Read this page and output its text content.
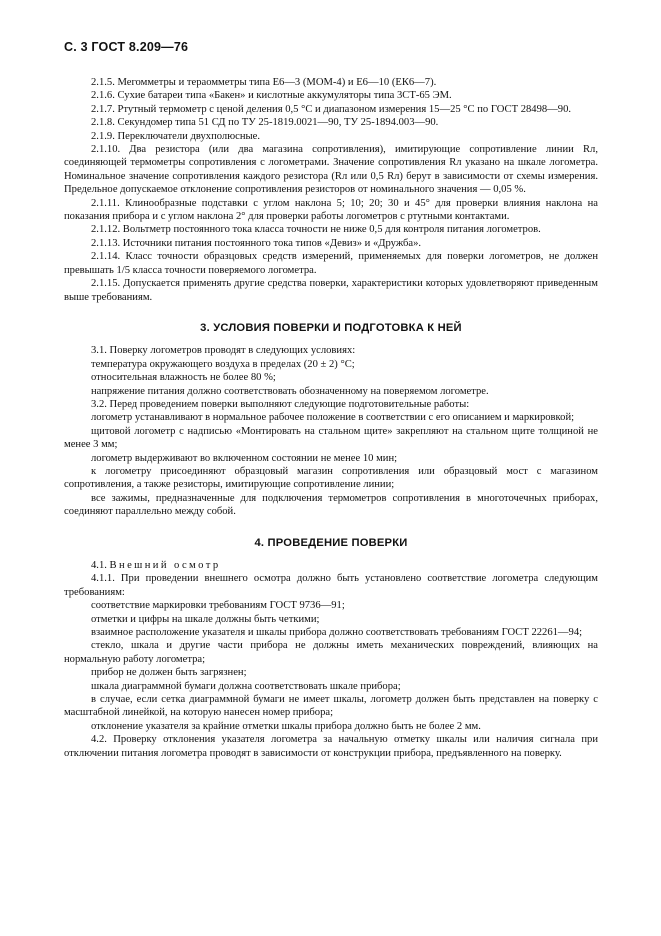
С. 3 ГОСТ 8.209—76

2.1.5. Мегомметры и тераомметры типа Е6—3 (МОМ-4) и Е6—10 (ЕК6—7).

2.1.6. Сухие батареи типа «Бакен» и кислотные аккумуляторы типа 3СТ-65 ЭМ.

2.1.7. Ртутный термометр с ценой деления 0,5 °С и диапазоном измерения 15—25 °С по ГОСТ 28498—90.

2.1.8. Секундомер типа 51 СД по ТУ 25-1819.0021—90, ТУ 25-1894.003—90.

2.1.9. Переключатели двухполюсные.

2.1.10. Два резистора (или два магазина сопротивления), имитирующие сопротивление линии Rл, соединяющей термометры сопротивления с логометрами. Значение сопротивления Rл указано на шкале логометра. Номинальное значение сопротивления каждого резистора (Rл или 0,5 Rл) берут в зависимости от схемы измерения. Предельное допускаемое отклонение сопротивления резисторов от номинального значения — 0,05 %.

2.1.11. Клинообразные подставки с углом наклона 5; 10; 20; 30 и 45° для проверки влияния наклона на показания прибора и с углом наклона 2° для проверки работы логометров с ртутными контактами.

2.1.12. Вольтметр постоянного тока класса точности не ниже 0,5 для контроля питания логометров.

2.1.13. Источники питания постоянного тока типов «Девиз» и «Дружба».

2.1.14. Класс точности образцовых средств измерений, применяемых для поверки логометров, не должен превышать 1/5 класса точности поверяемого логометра.

2.1.15. Допускается применять другие средства поверки, характеристики которых удовлетворяют приведенным выше требованиям.

3. УСЛОВИЯ ПОВЕРКИ И ПОДГОТОВКА К НЕЙ

3.1. Поверку логометров проводят в следующих условиях:

температура окружающего воздуха в пределах (20 ± 2) °С;

относительная влажность не более 80 %;

напряжение питания должно соответствовать обозначенному на поверяемом логометре.

3.2. Перед проведением поверки выполняют следующие подготовительные работы:

логометр устанавливают в нормальное рабочее положение в соответствии с его описанием и маркировкой;

щитовой логометр с надписью «Монтировать на стальном щите» закрепляют на стальном щите толщиной не менее 3 мм;

логометр выдерживают во включенном состоянии не менее 10 мин;

к логометру присоединяют образцовый магазин сопротивления или образцовый мост с магазином сопротивления, а также резисторы, имитирующие сопротивление линии;

все зажимы, предназначенные для подключения термометров сопротивления в многоточечных приборах, соединяют параллельно между собой.

4. ПРОВЕДЕНИЕ ПОВЕРКИ

4.1. Внешний осмотр

4.1.1. При проведении внешнего осмотра должно быть установлено соответствие логометра следующим требованиям:

соответствие маркировки требованиям ГОСТ 9736—91;

отметки и цифры на шкале должны быть четкими;

взаимное расположение указателя и шкалы прибора должно соответствовать требованиям ГОСТ 22261—94;

стекло, шкала и другие части прибора не должны иметь механических повреждений, влияющих на нормальную работу логометра;

прибор не должен быть загрязнен;

шкала диаграммной бумаги должна соответствовать шкале прибора;

в случае, если сетка диаграммной бумаги не имеет шкалы, логометр должен быть представлен на поверку с масштабной линейкой, на которую нанесен номер прибора;

отклонение указателя за крайние отметки шкалы прибора должно быть не более 2 мм.

4.2. Проверку отклонения указателя логометра за начальную отметку шкалы или наличия сигнала при отключении питания логометра проводят в зависимости от конструкции прибора, предъявленного на поверку.
